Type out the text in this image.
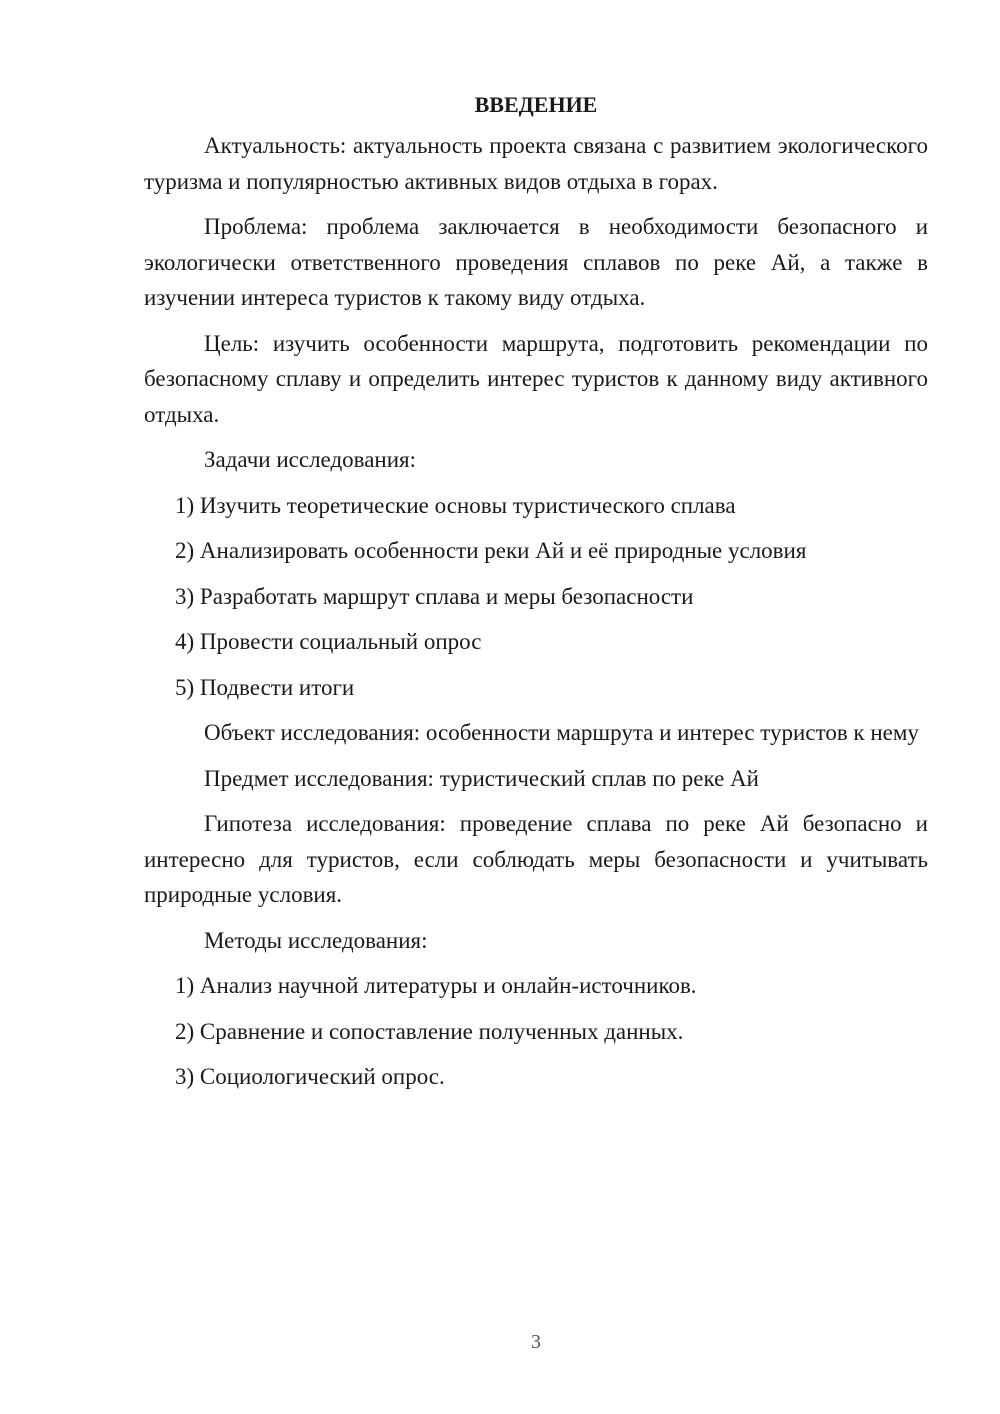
ВВЕДЕНИЕ

Актуальность: актуальность проекта связана с развитием экологического туризма и популярностью активных видов отдыха в горах.

Проблема: проблема заключается в необходимости безопасного и экологически ответственного проведения сплавов по реке Ай, а также в изучении интереса туристов к такому виду отдыха.

Цель: изучить особенности маршрута, подготовить рекомендации по безопасному сплаву и определить интерес туристов к данному виду активного отдыха.

Задачи исследования:

1) Изучить теоретические основы туристического сплава
2) Анализировать особенности реки Ай и её природные условия
3) Разработать маршрут сплава и меры безопасности
4) Провести социальный опрос
5) Подвести итоги

Объект исследования: особенности маршрута и интерес туристов к нему

Предмет исследования: туристический сплав по реке Ай

Гипотеза исследования: проведение сплава по реке Ай безопасно и интересно для туристов, если соблюдать меры безопасности и учитывать природные условия.

Методы исследования:

1) Анализ научной литературы и онлайн-источников.
2) Сравнение и сопоставление полученных данных.
3) Социологический опрос.
3
